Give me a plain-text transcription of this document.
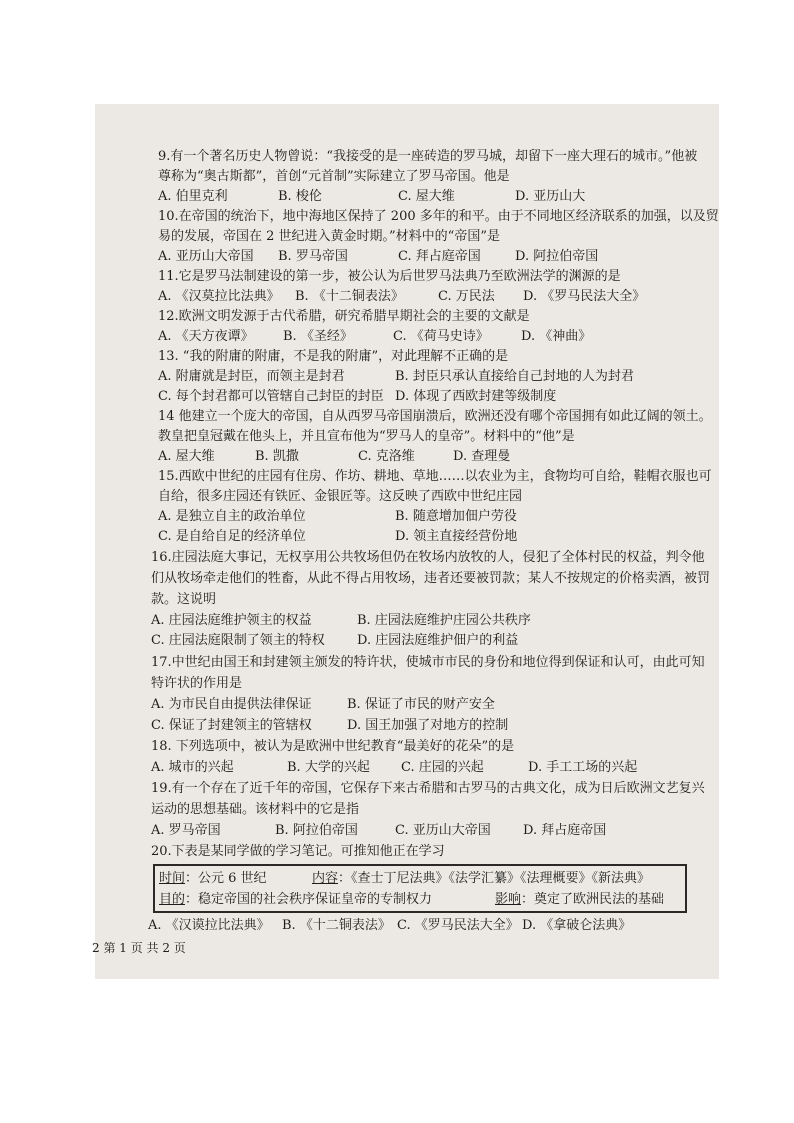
9.有一个著名历史人物曾说：“我接受的是一座砖造的罗马城，却留下一座大理石的城市。”他被
尊称为“奥古斯都”，首创“元首制”实际建立了罗马帝国。他是
A. 伯里克利	B. 梭伦	C. 屋大维	D. 亚历山大
10.在帝国的统治下，地中海地区保持了 200 多年的和平。由于不同地区经济联系的加强，以及贸
易的发展，帝国在 2 世纪进入黄金时期。”材料中的“帝国”是
A. 亚历山大帝国 B. 罗马帝国	C. 拜占庭帝国	D. 阿拉伯帝国
11.它是罗马法制建设的第一步，被公认为后世罗马法典乃至欧洲法学的渊源的是
A. 《汉莫拉比法典》 B. 《十二铜表法》	C. 万民法 D. 《罗马民法大全》
12.欧洲文明发源于古代希腊，研究希腊早期社会的主要的文献是
A. 《天方夜谭》 B. 《圣经》	C. 《荷马史诗》 D. 《神曲》
13. “我的附庸的附庸，不是我的附庸”，对此理解不正确的是
A. 附庸就是封臣，而领主是封君	B. 封臣只承认直接给自己封地的人为封君
C. 每个封君都可以管辖自己封臣的封臣 D. 体现了西欧封建等级制度
14 他建立一个庞大的帝国，自从西罗马帝国崩溃后，欧洲还没有哪个帝国拥有如此辽阔的领土。
教皇把皇冠戴在他头上，并且宣布他为“罗马人的皇帝”。材料中的“他”是
A. 屋大维	B. 凯撒	C. 克洛维	D. 查理曼
15.西欧中世纪的庄园有住房、作坊、耕地、草地……以农业为主，食物均可自给，鞋帽衣服也可
自给，很多庄园还有铁匠、金银匠等。这反映了西欧中世纪庄园
A. 是独立自主的政治单位	B. 随意增加佃户劳役
C. 是自给自足的经济单位	D. 领主直接经营份地
16.庄园法庭大事记，无权享用公共牧场但仍在牧场内放牧的人，侵犯了全体村民的权益，判令他
们从牧场牵走他们的牲畜，从此不得占用牧场，违者还要被罚款；某人不按规定的价格卖酒，被罚
款。这说明
A. 庄园法庭维护领主的权益	B. 庄园法庭维护庄园公共秩序
C. 庄园法庭限制了领主的特权 D. 庄园法庭维护佃户的利益
17.中世纪由国王和封建领主颁发的特许状，使城市市民的身份和地位得到保证和认可，由此可知
特许状的作用是
A. 为市民自由提供法律保证	B. 保证了市民的财产安全
C. 保证了封建领主的管辖权	D. 国王加强了对地方的控制
18. 下列选项中，被认为是欧洲中世纪教育“最美好的花朵”的是
A. 城市的兴起	B. 大学的兴起 C. 庄园的兴起	D. 手工工场的兴起
19.有一个存在了近千年的帝国，它保存下来古希腊和古罗马的古典文化，成为日后欧洲文艺复兴
运动的思想基础。该材料中的它是指
A. 罗马帝国	B. 阿拉伯帝国	C. 亚历山大帝国 D. 拜占庭帝国
20.下表是某同学做的学习笔记。可推知他正在学习
时间：公元 6 世纪	内容：《查士丁尼法典》《法学汇纂》《法理概要》《新法典》
目的：稳定帝国的社会秩序保证皇帝的专制权力	影响：奠定了欧洲民法的基础
A. 《汉谟拉比法典》 B. 《十二铜表法》 C. 《罗马民法大全》 D. 《拿破仑法典》
2 第 1 页 共 2 页
